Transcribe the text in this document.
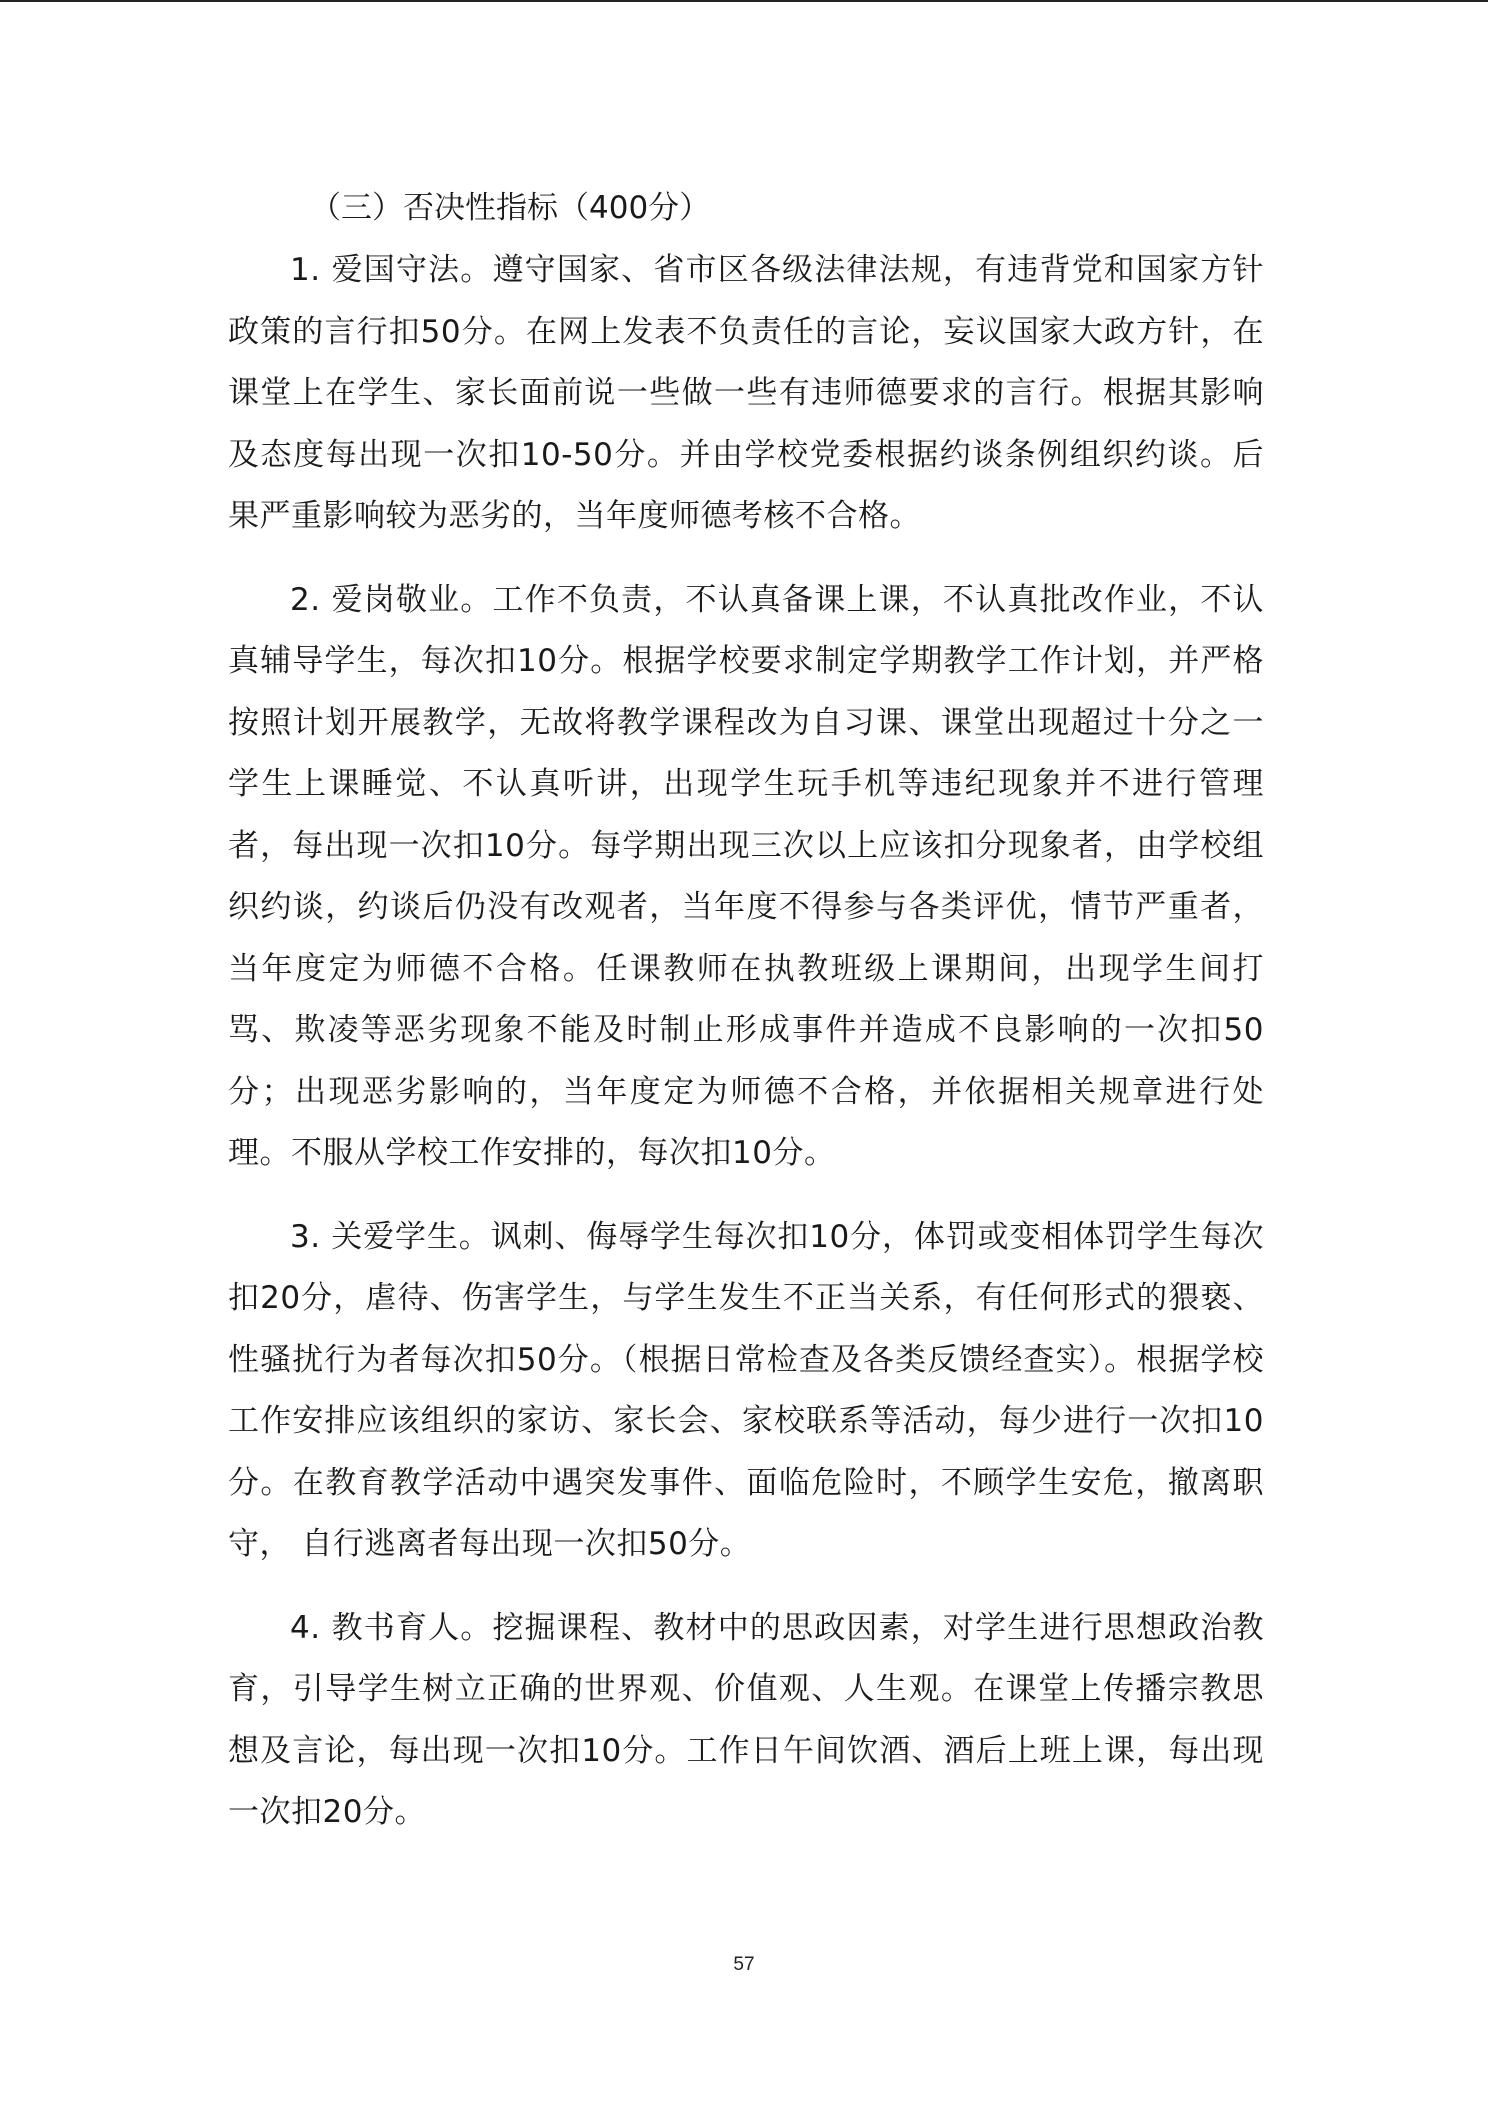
（三）否决性指标（400分）

1. 爱国守法。遵守国家、省市区各级法律法规，有违背党和国家方针政策的言行扣50分。在网上发表不负责任的言论，妄议国家大政方针，在课堂上在学生、家长面前说一些做一些有违师德要求的言行。根据其影响及态度每出现一次扣10-50分。并由学校党委根据约谈条例组织约谈。后果严重影响较为恶劣的，当年度师德考核不合格。

2. 爱岗敬业。工作不负责，不认真备课上课，不认真批改作业，不认真辅导学生，每次扣10分。根据学校要求制定学期教学工作计划，并严格按照计划开展教学，无故将教学课程改为自习课、课堂出现超过十分之一学生上课睡觉、不认真听讲，出现学生玩手机等违纪现象并不进行管理者，每出现一次扣10分。每学期出现三次以上应该扣分现象者，由学校组织约谈，约谈后仍没有改观者，当年度不得参与各类评优，情节严重者，当年度定为师德不合格。任课教师在执教班级上课期间，出现学生间打骂、欺凌等恶劣现象不能及时制止形成事件并造成不良影响的一次扣50分；出现恶劣影响的，当年度定为师德不合格，并依据相关规章进行处理。不服从学校工作安排的，每次扣10分。

3. 关爱学生。讽刺、侮辱学生每次扣10分，体罚或变相体罚学生每次扣20分，虐待、伤害学生，与学生发生不正当关系，有任何形式的猥亵、性骚扰行为者每次扣50分。（根据日常检查及各类反馈经查实）。根据学校工作安排应该组织的家访、家长会、家校联系等活动，每少进行一次扣10分。在教育教学活动中遇突发事件、面临危险时，不顾学生安危，撤离职守， 自行逃离者每出现一次扣50分。

4. 教书育人。挖掘课程、教材中的思政因素，对学生进行思想政治教育，引导学生树立正确的世界观、价值观、人生观。在课堂上传播宗教思想及言论，每出现一次扣10分。工作日午间饮酒、酒后上班上课，每出现一次扣20分。

57
